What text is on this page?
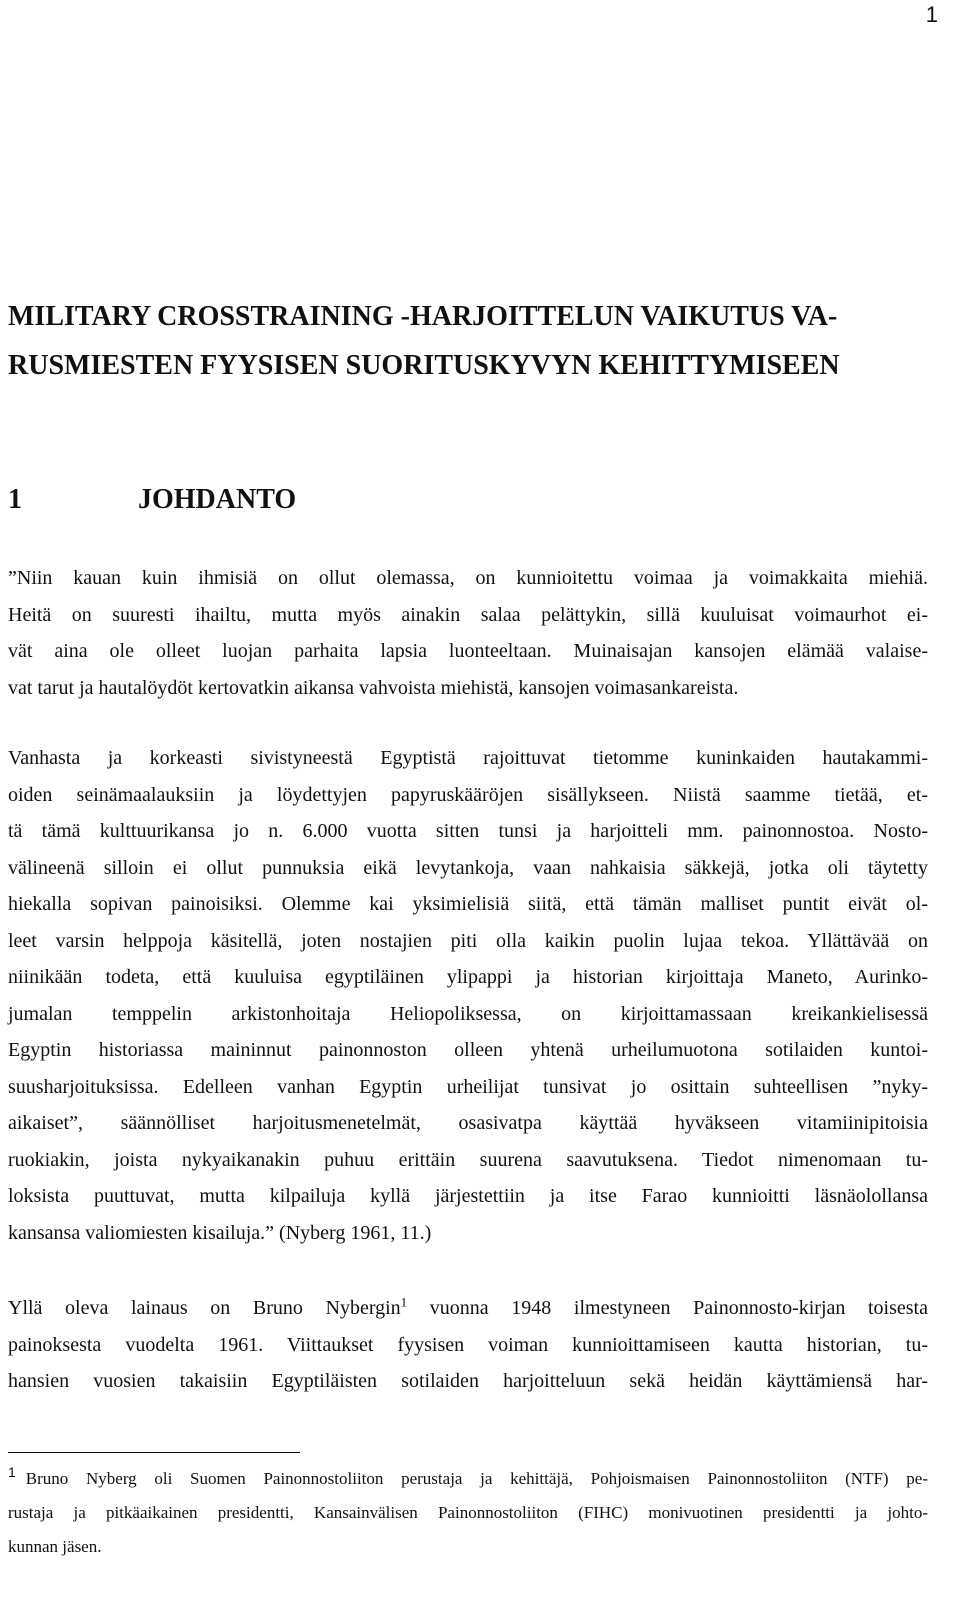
1
MILITARY CROSSTRAINING -HARJOITTELUN VAIKUTUS VA-
RUSMIESTEN FYYSISEN SUORITUSKYVYN KEHITTYMISEEN
1	JOHDANTO

”Niin kauan kuin ihmisiä on ollut olemassa, on kunnioitettu voimaa ja voimakkaita miehiä.
Heitä on suuresti ihailtu, mutta myös ainakin salaa pelättykin, sillä kuuluisat voimaurhot ei-
vät aina ole olleet luojan parhaita lapsia luonteeltaan. Muinaisajan kansojen elämää valaise-
vat tarut ja hautalöydöt kertovatkin aikansa vahvoista miehistä, kansojen voimasankareista.

Vanhasta ja korkeasti sivistyneestä Egyptistä rajoittuvat tietomme kuninkaiden hautakammi-
oiden seinämaalauksiin ja löydettyjen papyruskääröjen sisällykseen. Niistä saamme tietää, et-
tä tämä kulttuurikansa jo n. 6.000 vuotta sitten tunsi ja harjoitteli mm. painonnostoa. Nosto-
välineenä silloin ei ollut punnuksia eikä levytankoja, vaan nahkaisia säkkejä, jotka oli täytetty
hiekalla sopivan painoisiksi. Olemme kai yksimielisiä siitä, että tämän malliset puntit eivät ol-
leet varsin helppoja käsitellä, joten nostajien piti olla kaikin puolin lujaa tekoa. Yllättävää on
niinikään todeta, että kuuluisa egyptiläinen ylipappi ja historian kirjoittaja Maneto, Aurinko-
jumalan temppelin arkistonhoitaja Heliopoliksessa, on kirjoittamassaan kreikankielisessä
Egyptin historiassa maininnut painonnoston olleen yhtenä urheilumuotona sotilaiden kuntoi-
suusharjoituksissa. Edelleen vanhan Egyptin urheilijat tunsivat jo osittain suhteellisen ”nyky-
aikaiset”, säännölliset harjoitusmenetelmät, osasivatpa käyttää hyväkseen vitamiinipitoisia
ruokiakin, joista nykyaikanakin puhuu erittäin suurena saavutuksena. Tiedot nimenomaan tu-
loksista puuttuvat, mutta kilpailuja kyllä järjestettiin ja itse Farao kunnioitti läsnäolollansa
kansansa valiomiesten kisailuja.” (Nyberg 1961, 11.)

Yllä oleva lainaus on Bruno Nybergin$^1$ vuonna 1948 ilmestyneen Painonnosto-kirjan toisesta
painoksesta vuodelta 1961. Viittaukset fyysisen voiman kunnioittamiseen kautta historian, tu-
hansien vuosien takaisiin Egyptiläisten sotilaiden harjoitteluun sekä heidän käyttämiensä har-

$^1$ Bruno Nyberg oli Suomen Painonnostoliiton perustaja ja kehittäjä, Pohjoismaisen Painonnostoliiton (NTF) pe-
rustaja ja pitkäaikainen presidentti, Kansainvälisen Painonnostoliiton (FIHC) monivuotinen presidentti ja johto-
kunnan jäsen.
